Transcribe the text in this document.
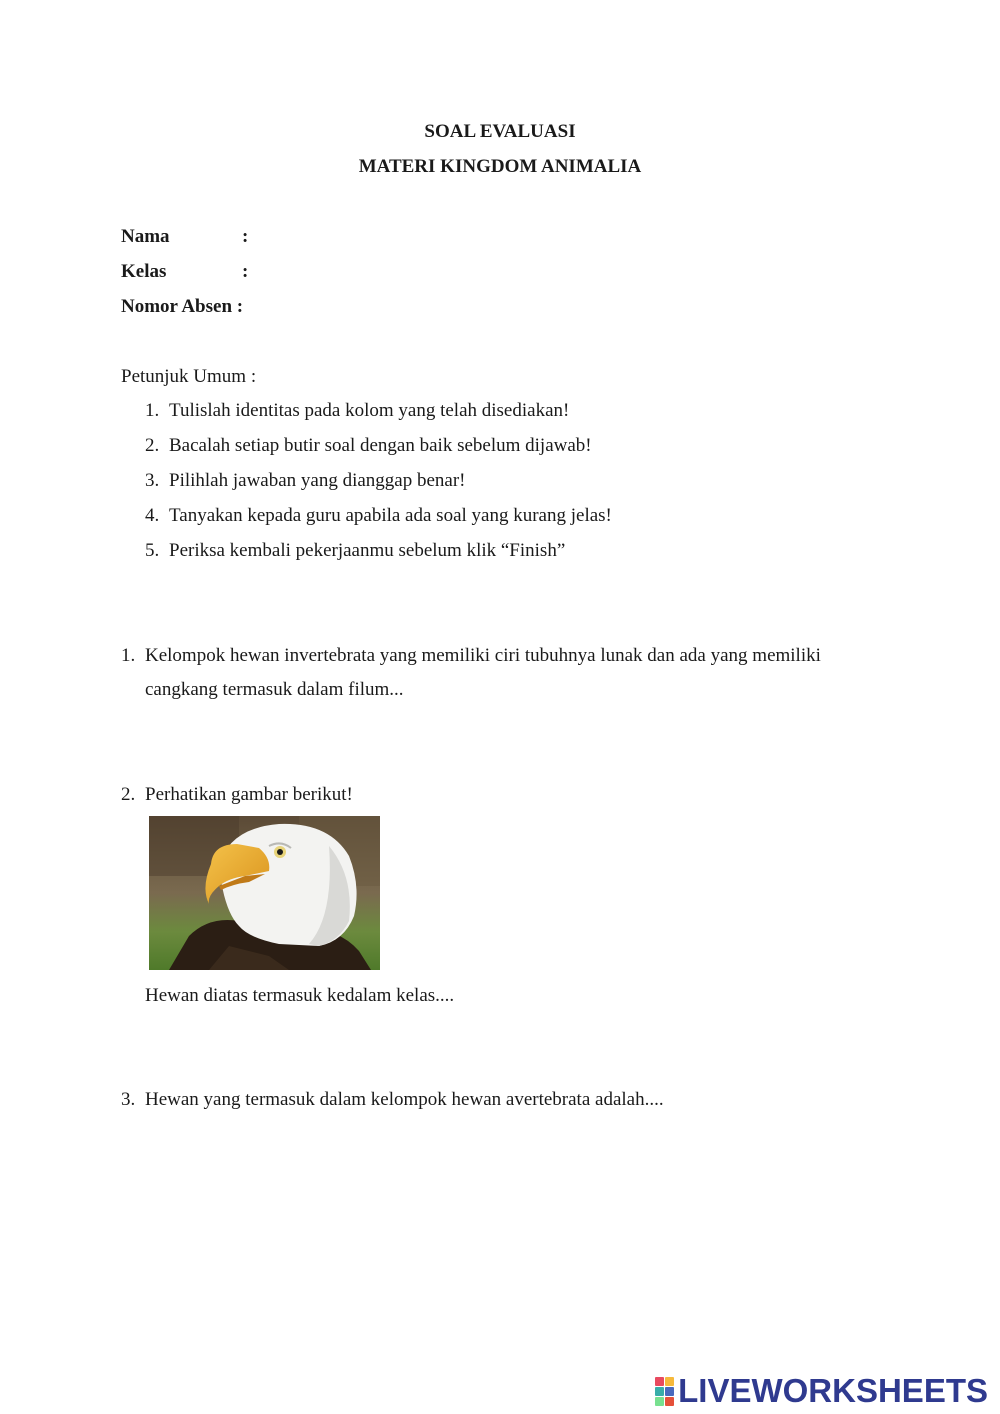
SOAL EVALUASI
MATERI KINGDOM ANIMALIA
Nama	:
Kelas	:
Nomor Absen :
Petunjuk Umum :
1. Tulislah identitas pada kolom yang telah disediakan!
2. Bacalah setiap butir soal dengan baik sebelum dijawab!
3. Pilihlah jawaban yang dianggap benar!
4. Tanyakan kepada guru apabila ada soal yang kurang jelas!
5. Periksa kembali pekerjaanmu sebelum klik “Finish”
1. Kelompok hewan invertebrata yang memiliki ciri tubuhnya lunak dan ada yang memiliki
cangkang termasuk dalam filum...
2. Perhatikan gambar berikut!
Hewan diatas termasuk kedalam kelas....
3. Hewan yang termasuk dalam kelompok hewan avertebrata adalah....
LIVEWORKSHEETS
